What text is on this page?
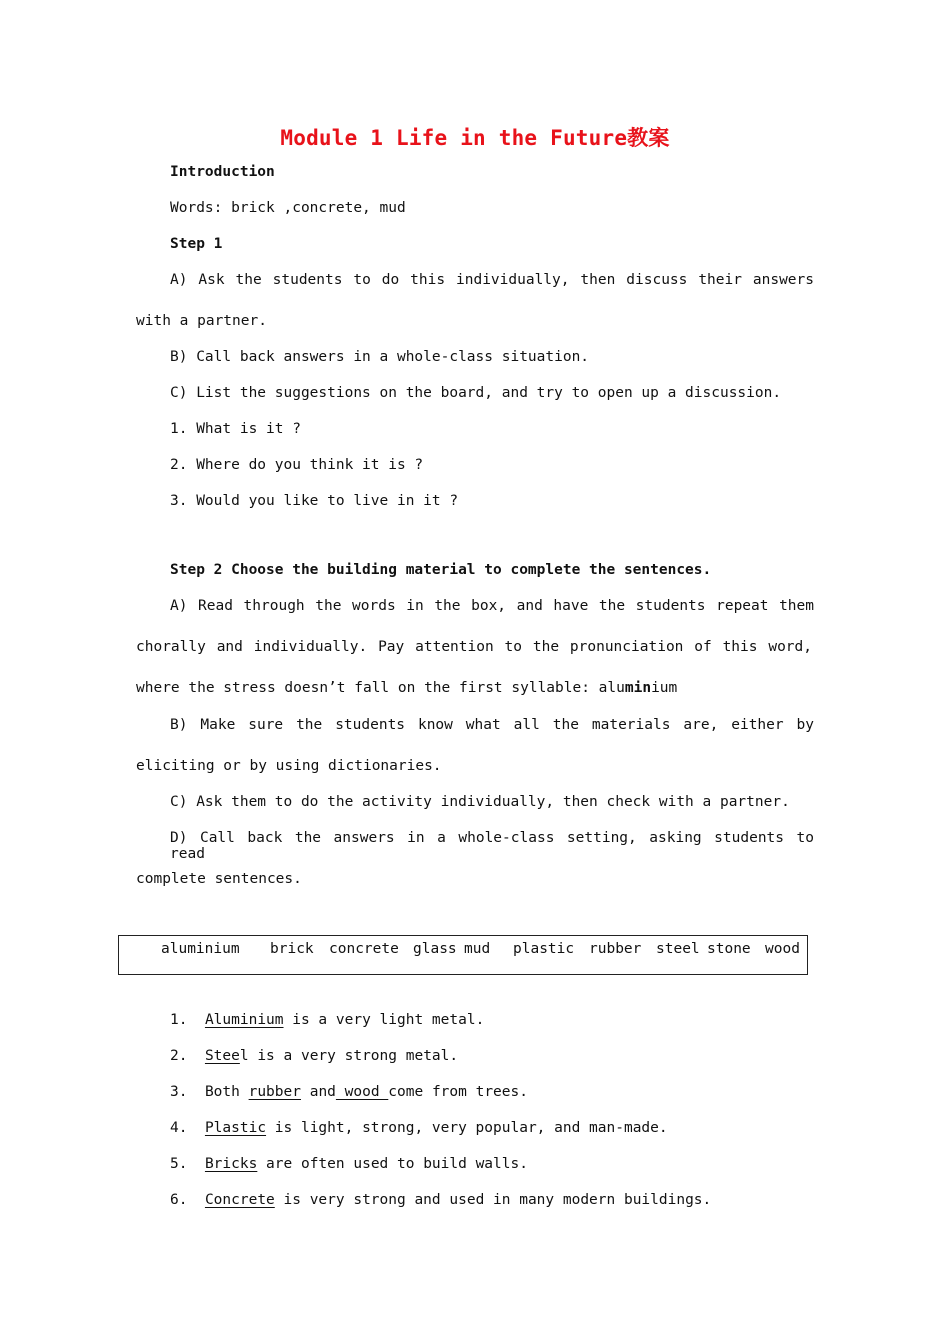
Module 1 Life in the Future教案
Introduction
Words: brick ,concrete, mud
Step 1
A) Ask the students to do this individually, then discuss their answers
with a partner.
B) Call back answers in a whole-class situation.
C) List the suggestions on the board, and try to open up a discussion.
1. What is it ?
2. Where do you think it is ?
3. Would you like to live in it ?
Step 2 Choose the building material to complete the sentences.
A) Read through the words in the box, and have the students repeat them
chorally and individually. Pay attention to the pronunciation of this word,
where the stress doesn’t fall on the first syllable: aluminium
B) Make sure the students know what all the materials are, either by
eliciting or by using dictionaries.
C) Ask them to do the activity individually, then check with a partner.
D) Call back the answers in a whole-class setting, asking students to read
complete sentences.
aluminium brick concrete glass mud plastic rubber steel stone wood
1. Aluminium is a very light metal.
2. Steel is a very strong metal.
3. Both rubber and wood come from trees.
4. Plastic is light, strong, very popular, and man-made.
5. Bricks are often used to build walls.
6. Concrete is very strong and used in many modern buildings.
